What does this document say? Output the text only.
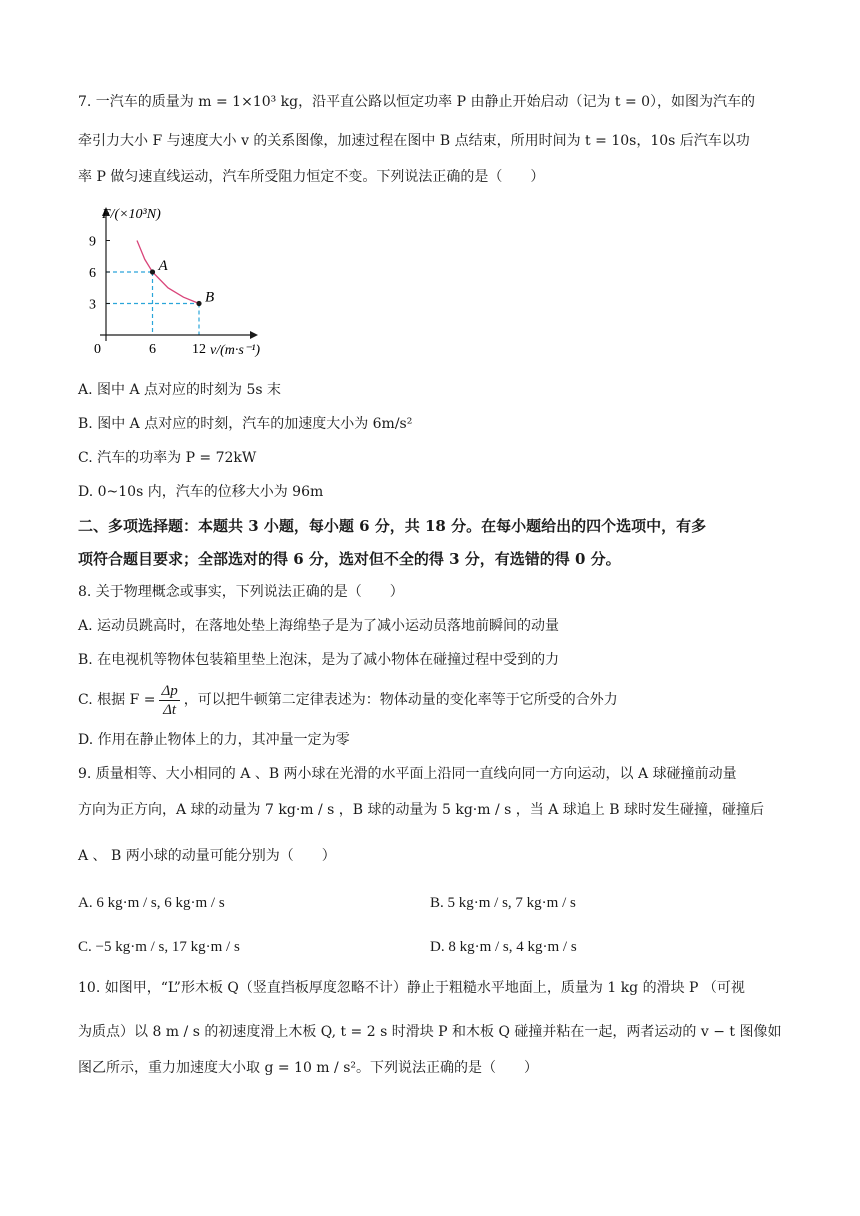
7. 一汽车的质量为 m = 1×10³ kg，沿平直公路以恒定功率 P 由静止开始启动（记为 t = 0），如图为汽车的
牵引力大小 F 与速度大小 v 的关系图像，加速过程在图中 B 点结束，所用时间为 t = 10s，10s 后汽车以功
率 P 做匀速直线运动，汽车所受阻力恒定不变。下列说法正确的是（　　）
A
B
F/(×10³N)
v/(m·s⁻¹)
0	6	12
3
6
9
A. 图中 A 点对应的时刻为 5s 末
B. 图中 A 点对应的时刻，汽车的加速度大小为 6m/s²
C. 汽车的功率为 P = 72kW
D. 0~10s 内，汽车的位移大小为 96m
二、多项选择题：本题共 3 小题，每小题 6 分，共 18 分。在每小题给出的四个选项中，有多
项符合题目要求；全部选对的得 6 分，选对但不全的得 3 分，有选错的得 0 分。
8. 关于物理概念或事实，下列说法正确的是（　　）
A. 运动员跳高时，在落地处垫上海绵垫子是为了减小运动员落地前瞬间的动量
B. 在电视机等物体包装箱里垫上泡沫，是为了减小物体在碰撞过程中受到的力
C. 根据 $F = \frac{\Delta p}{\Delta t}$ ，可以把牛顿第二定律表述为：物体动量的变化率等于它所受的合外力
D. 作用在静止物体上的力，其冲量一定为零
9. 质量相等、大小相同的 A 、B 两小球在光滑的水平面上沿同一直线向同一方向运动，以 A 球碰撞前动量
方向为正方向，A 球的动量为 7 kg·m / s ，B 球的动量为 5 kg·m / s ，当 A 球追上 B 球时发生碰撞，碰撞后
A 、 B 两小球的动量可能分别为（　　）
A. 6 kg·m / s, 6 kg·m / s	B. 5 kg·m / s, 7 kg·m / s
C. −5 kg·m / s, 17 kg·m / s	D. 8 kg·m / s, 4 kg·m / s
10. 如图甲，“L”形木板 Q（竖直挡板厚度忽略不计）静止于粗糙水平地面上，质量为 1 kg 的滑块 P （可视
为质点）以 8 m / s 的初速度滑上木板 Q, t = 2 s 时滑块 P 和木板 Q 碰撞并粘在一起，两者运动的 v − t 图像如
图乙所示，重力加速度大小取 g = 10 m / s²。下列说法正确的是（　　）
